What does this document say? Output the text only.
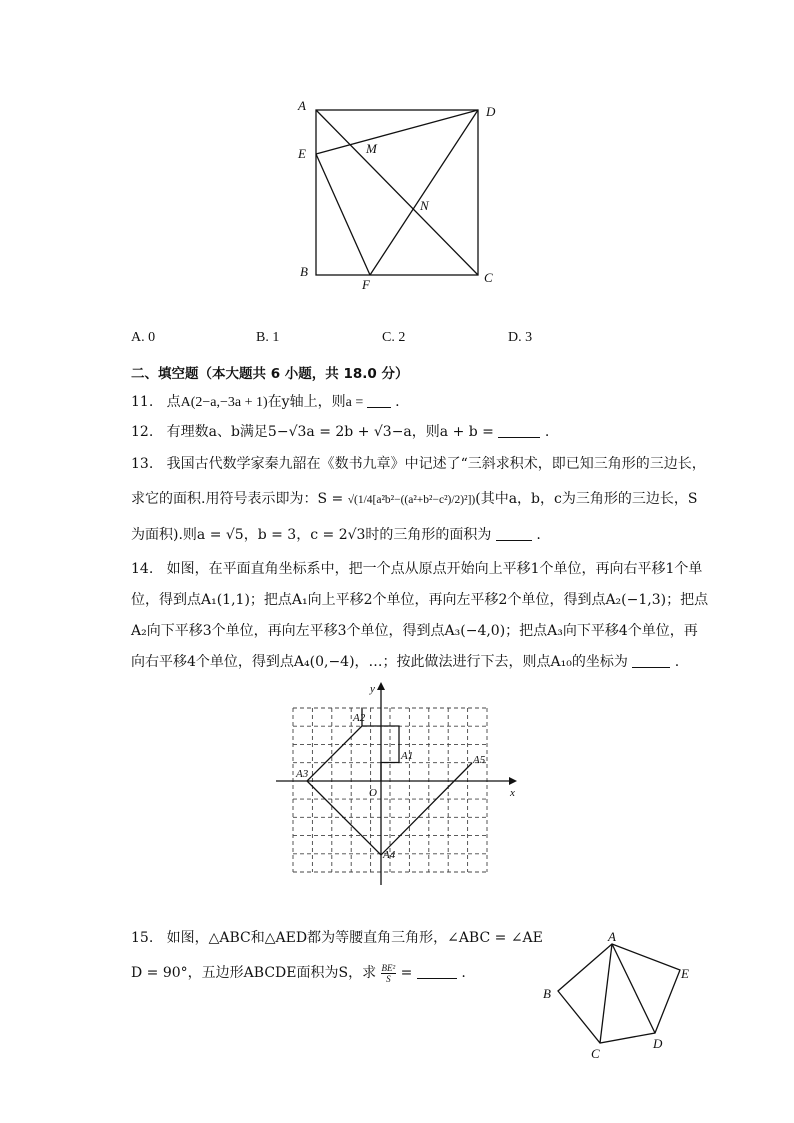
A	D
E	M
N
B
F	C
A. 0	B. 1	C. 2	D. 3
二、填空题（本大题共 6 小题，共 18.0 分）
11. 点A(2−a,−3a + 1)在y轴上，则a =  .
12. 有理数a、b满足5−√3a = 2b + √3−a，则a + b =	.
13. 我国古代数学家秦九韶在《数书九章》中记述了“三斜求积术，即已知三角形的三边长，
求它的面积.用符号表示即为：S = √(1/4[a²b²−((a²+b²−c²)/2)²])(其中a，b，c为三角形的三边长，S
为面积).则a = √5，b = 3，c = 2√3时的三角形的面积为	.
14. 如图，在平面直角坐标系中，把一个点从原点开始向上平移1个单位，再向右平移1个单
位，得到点A₁(1,1)；把点A₁向上平移2个单位，再向左平移2个单位，得到点A₂(−1,3)；把点
A₂向下平移3个单位，再向左平移3个单位，得到点A₃(−4,0)；把点A₃向下平移4个单位，再
向右平移4个单位，得到点A₄(0,−4)，…；按此做法进行下去，则点A₁₀的坐标为	.
x
y
O
A1
A2
A3
A4
A5
15. 如图，△ABC和△AED都为等腰直角三角形，∠ABC = ∠AE
D = 90°，五边形ABCDE面积为S，求 $\frac{\text{BE²}}{S}$ =	.
A
B
C
D
E
